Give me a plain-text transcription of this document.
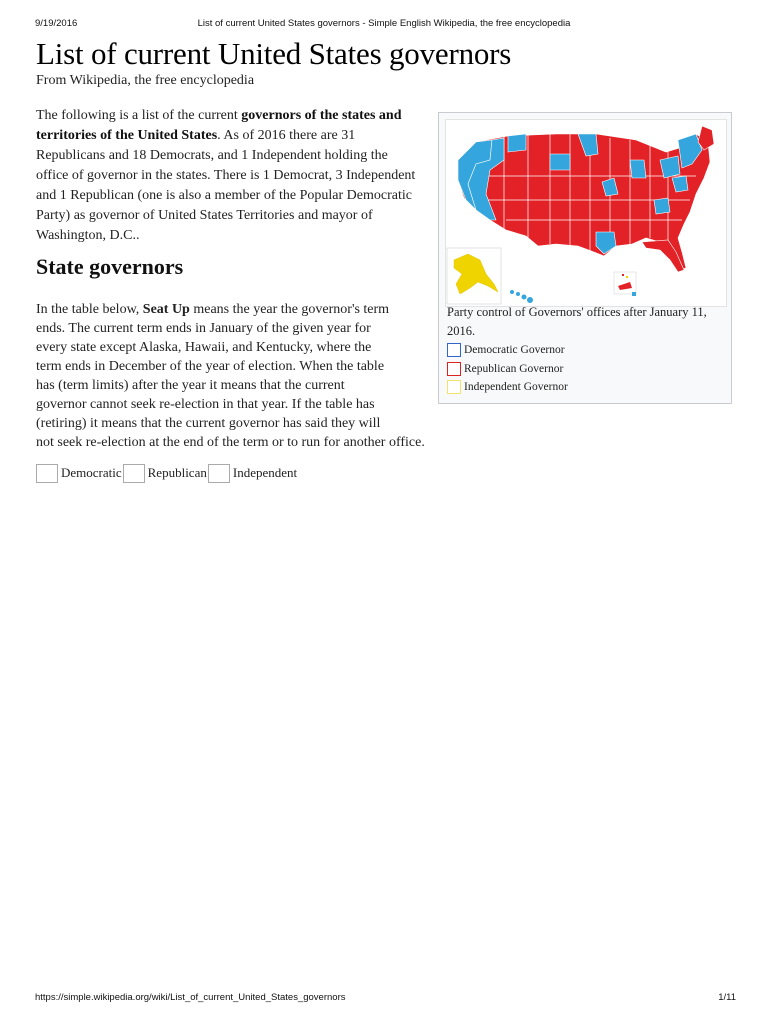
9/19/2016	List of current United States governors - Simple English Wikipedia, the free encyclopedia
List of current United States governors
From Wikipedia, the free encyclopedia

The following is a list of the current governors of the states and territories of the United States. As of 2016 there are 31 Republicans and 18 Democrats, and 1 Independent holding the office of governor in the states. There is 1 Democrat, 3 Independent and 1 Republican (one is also a member of the Popular Democratic Party) as governor of United States Territories and mayor of Washington, D.C..

Party control of Governors' offices after January 11, 2016.
Democratic Governor
Republican Governor
Independent Governor
State governors

In the table below, Seat Up means the year the governor's term
ends. The current term ends in January of the given year for
every state except Alaska, Hawaii, and Kentucky, where the
term ends in December of the year of election. When the table
has (term limits) after the year it means that the current
governor cannot seek re-election in that year. If the table has
(retiring) it means that the current governor has said they will
not seek re-election at the end of the term or to run for another office.

Democratic Republican Independent
https://simple.wikipedia.org/wiki/List_of_current_United_States_governors	1/11
